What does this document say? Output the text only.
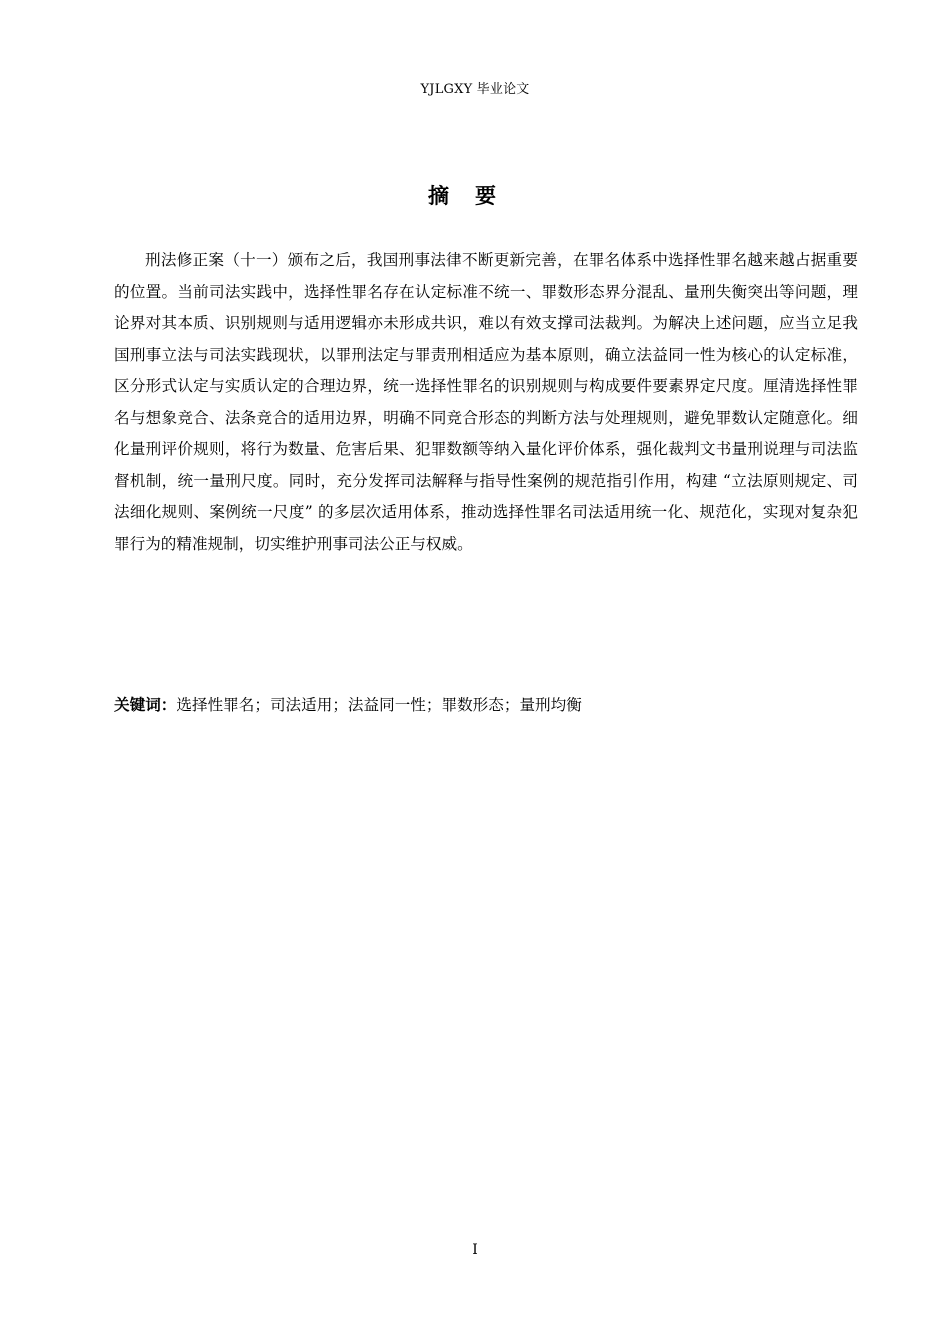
YJLGXY 毕业论文
摘要
刑法修正案（十一）颁布之后，我国刑事法律不断更新完善，在罪名体系中选择性罪名越来越占据重要的位置。当前司法实践中，选择性罪名存在认定标准不统一、罪数形态界分混乱、量刑失衡突出等问题，理论界对其本质、识别规则与适用逻辑亦未形成共识，难以有效支撑司法裁判。为解决上述问题，应当立足我国刑事立法与司法实践现状，以罪刑法定与罪责刑相适应为基本原则，确立法益同一性为核心的认定标准，区分形式认定与实质认定的合理边界，统一选择性罪名的识别规则与构成要件要素界定尺度。厘清选择性罪名与想象竞合、法条竞合的适用边界，明确不同竞合形态的判断方法与处理规则，避免罪数认定随意化。细化量刑评价规则，将行为数量、危害后果、犯罪数额等纳入量化评价体系，强化裁判文书量刑说理与司法监督机制，统一量刑尺度。同时，充分发挥司法解释与指导性案例的规范指引作用，构建 “立法原则规定、司法细化规则、案例统一尺度” 的多层次适用体系，推动选择性罪名司法适用统一化、规范化，实现对复杂犯罪行为的精准规制，切实维护刑事司法公正与权威。
关键词：选择性罪名；司法适用；法益同一性；罪数形态；量刑均衡
I
